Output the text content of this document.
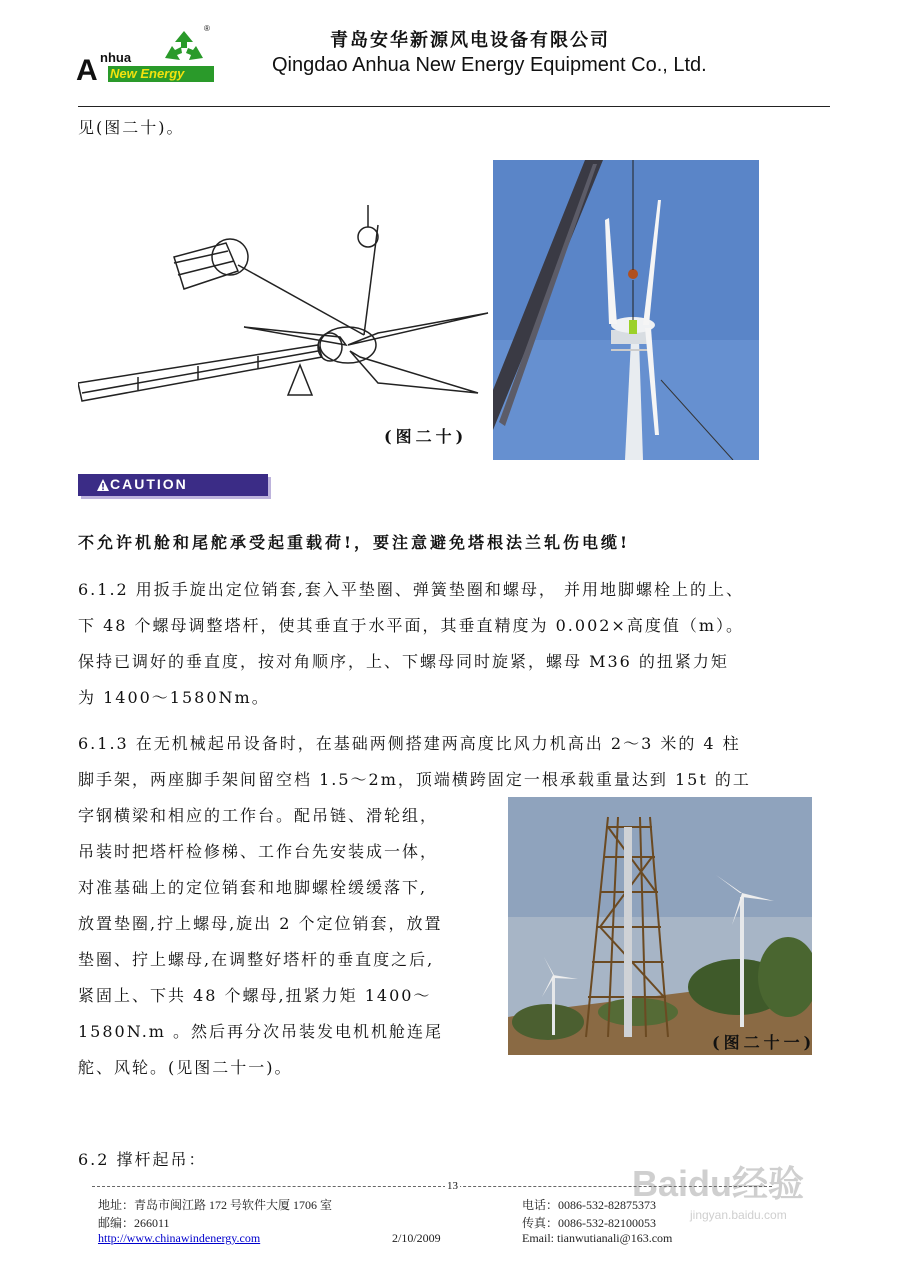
A nhua
New Energy
®
青岛安华新源风电设备有限公司
Qingdao Anhua New Energy Equipment Co., Ltd.
见(图二十)。
(图二十)
CAUTION
不允许机舱和尾舵承受起重载荷!，要注意避免塔根法兰轧伤电缆!
6.1.2 用扳手旋出定位销套,套入平垫圈、弹簧垫圈和螺母， 并用地脚螺栓上的上、
下 48 个螺母调整塔杆，使其垂直于水平面，其垂直精度为 0.002×高度值（m）。
保持已调好的垂直度，按对角顺序，上、下螺母同时旋紧，螺母 M36 的扭紧力矩
为 1400～1580Nm。
6.1.3 在无机械起吊设备时，在基础两侧搭建两高度比风力机高出 2～3 米的 4 柱
脚手架，两座脚手架间留空档 1.5～2m，顶端横跨固定一根承载重量达到 15t 的工
字钢横梁和相应的工作台。配吊链、滑轮组，
吊装时把塔杆检修梯、工作台先安装成一体，
对准基础上的定位销套和地脚螺栓缓缓落下,
放置垫圈,拧上螺母,旋出 2 个定位销套，放置
垫圈、拧上螺母,在调整好塔杆的垂直度之后,
紧固上、下共 48 个螺母,扭紧力矩 1400～
1580N.m 。然后再分次吊装发电机机舱连尾
舵、风轮。(见图二十一)。
(图二十一)
6.2 撑杆起吊：
Baidu经验
jingyan.baidu.com
13
地址：青岛市闽江路 172 号软件大厦 1706 室
邮编：266011
http://www.chinawindenergy.com	2/10/2009
电话：0086-532-82875373
传真：0086-532-82100053
Email: tianwutianali@163.com
